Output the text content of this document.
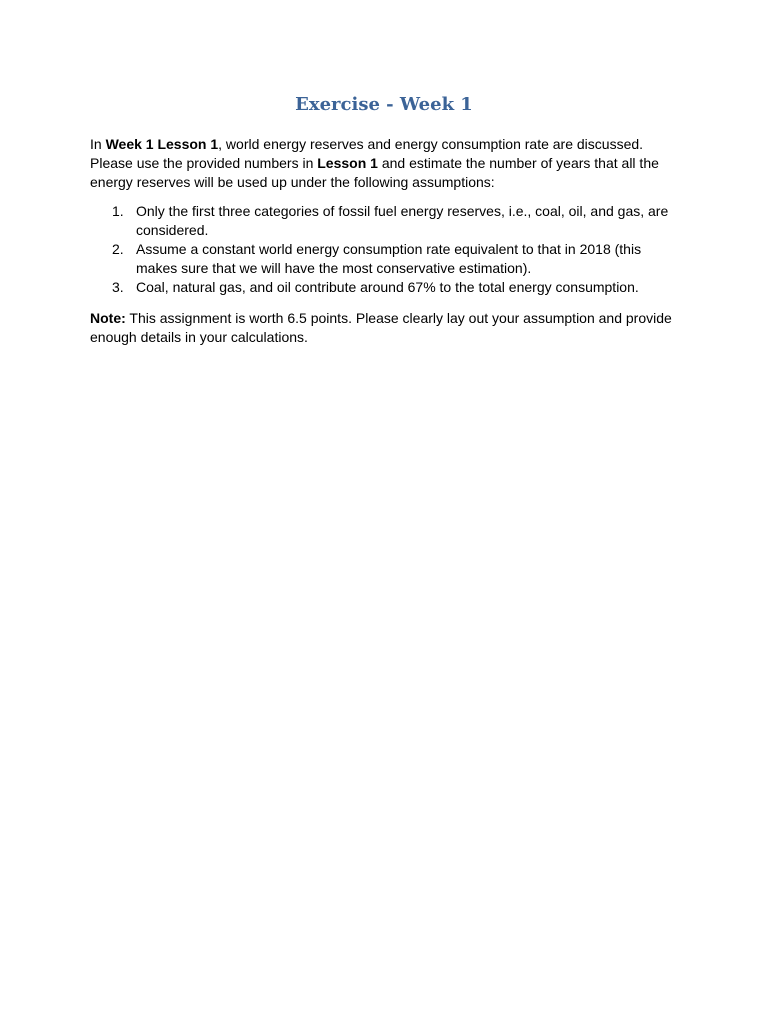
Exercise - Week 1

In Week 1 Lesson 1, world energy reserves and energy consumption rate are discussed. Please use the provided numbers in Lesson 1 and estimate the number of years that all the energy reserves will be used up under the following assumptions:

1. Only the first three categories of fossil fuel energy reserves, i.e., coal, oil, and gas, are considered.
2. Assume a constant world energy consumption rate equivalent to that in 2018 (this makes sure that we will have the most conservative estimation).
3. Coal, natural gas, and oil contribute around 67% to the total energy consumption.

Note: This assignment is worth 6.5 points. Please clearly lay out your assumption and provide enough details in your calculations.
